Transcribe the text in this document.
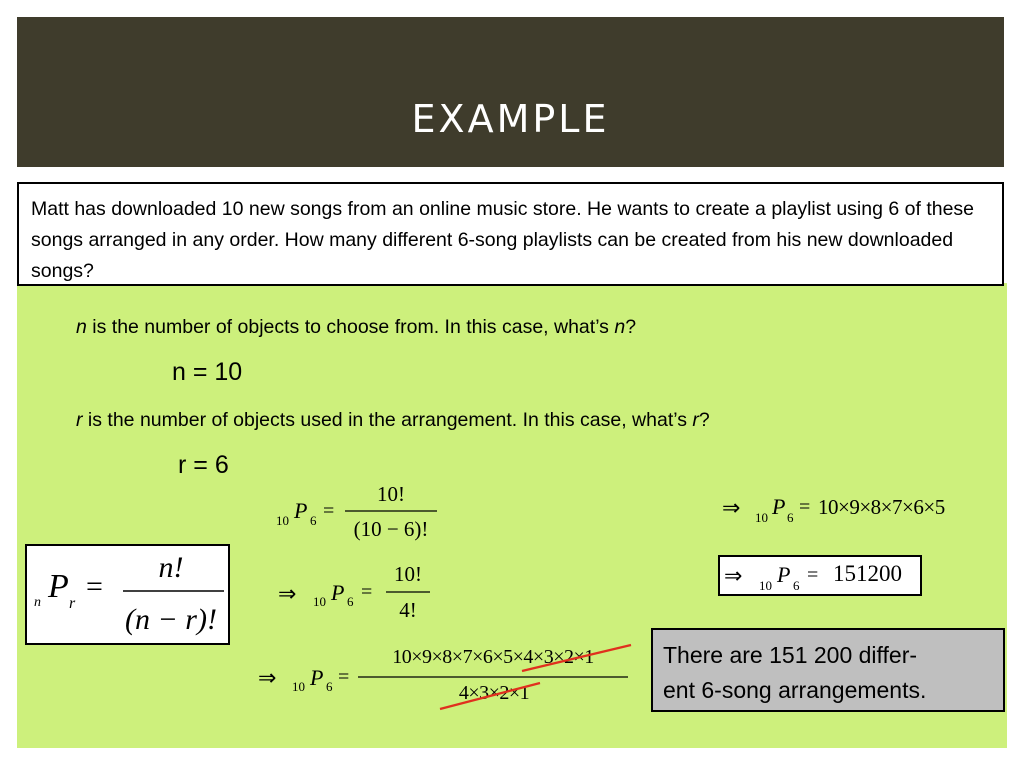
EXAMPLE
Matt has downloaded 10 new songs from an online music store. He wants to create a playlist using 6 of these songs arranged in any order. How many different 6-song playlists can be created from his new downloaded songs?
n is the number of objects to choose from. In this case, what’s n?
n = 10
r is the number of objects used in the arrangement. In this case, what’s r?
r = 6
There are 151 200 differ-
ent 6-song arrangements.
n P r
=
n!
(n − r)!
10 P 6 =
10!
(10 − 6)!
⇒ 10 P 6 =
10!
4!
⇒ 10 P 6 =
10×9×8×7×6×5×4×3×2×1
4×3×2×1
⇒ 10 P 6 = 10×9×8×7×6×5
⇒ 10 P 6 = 151200
